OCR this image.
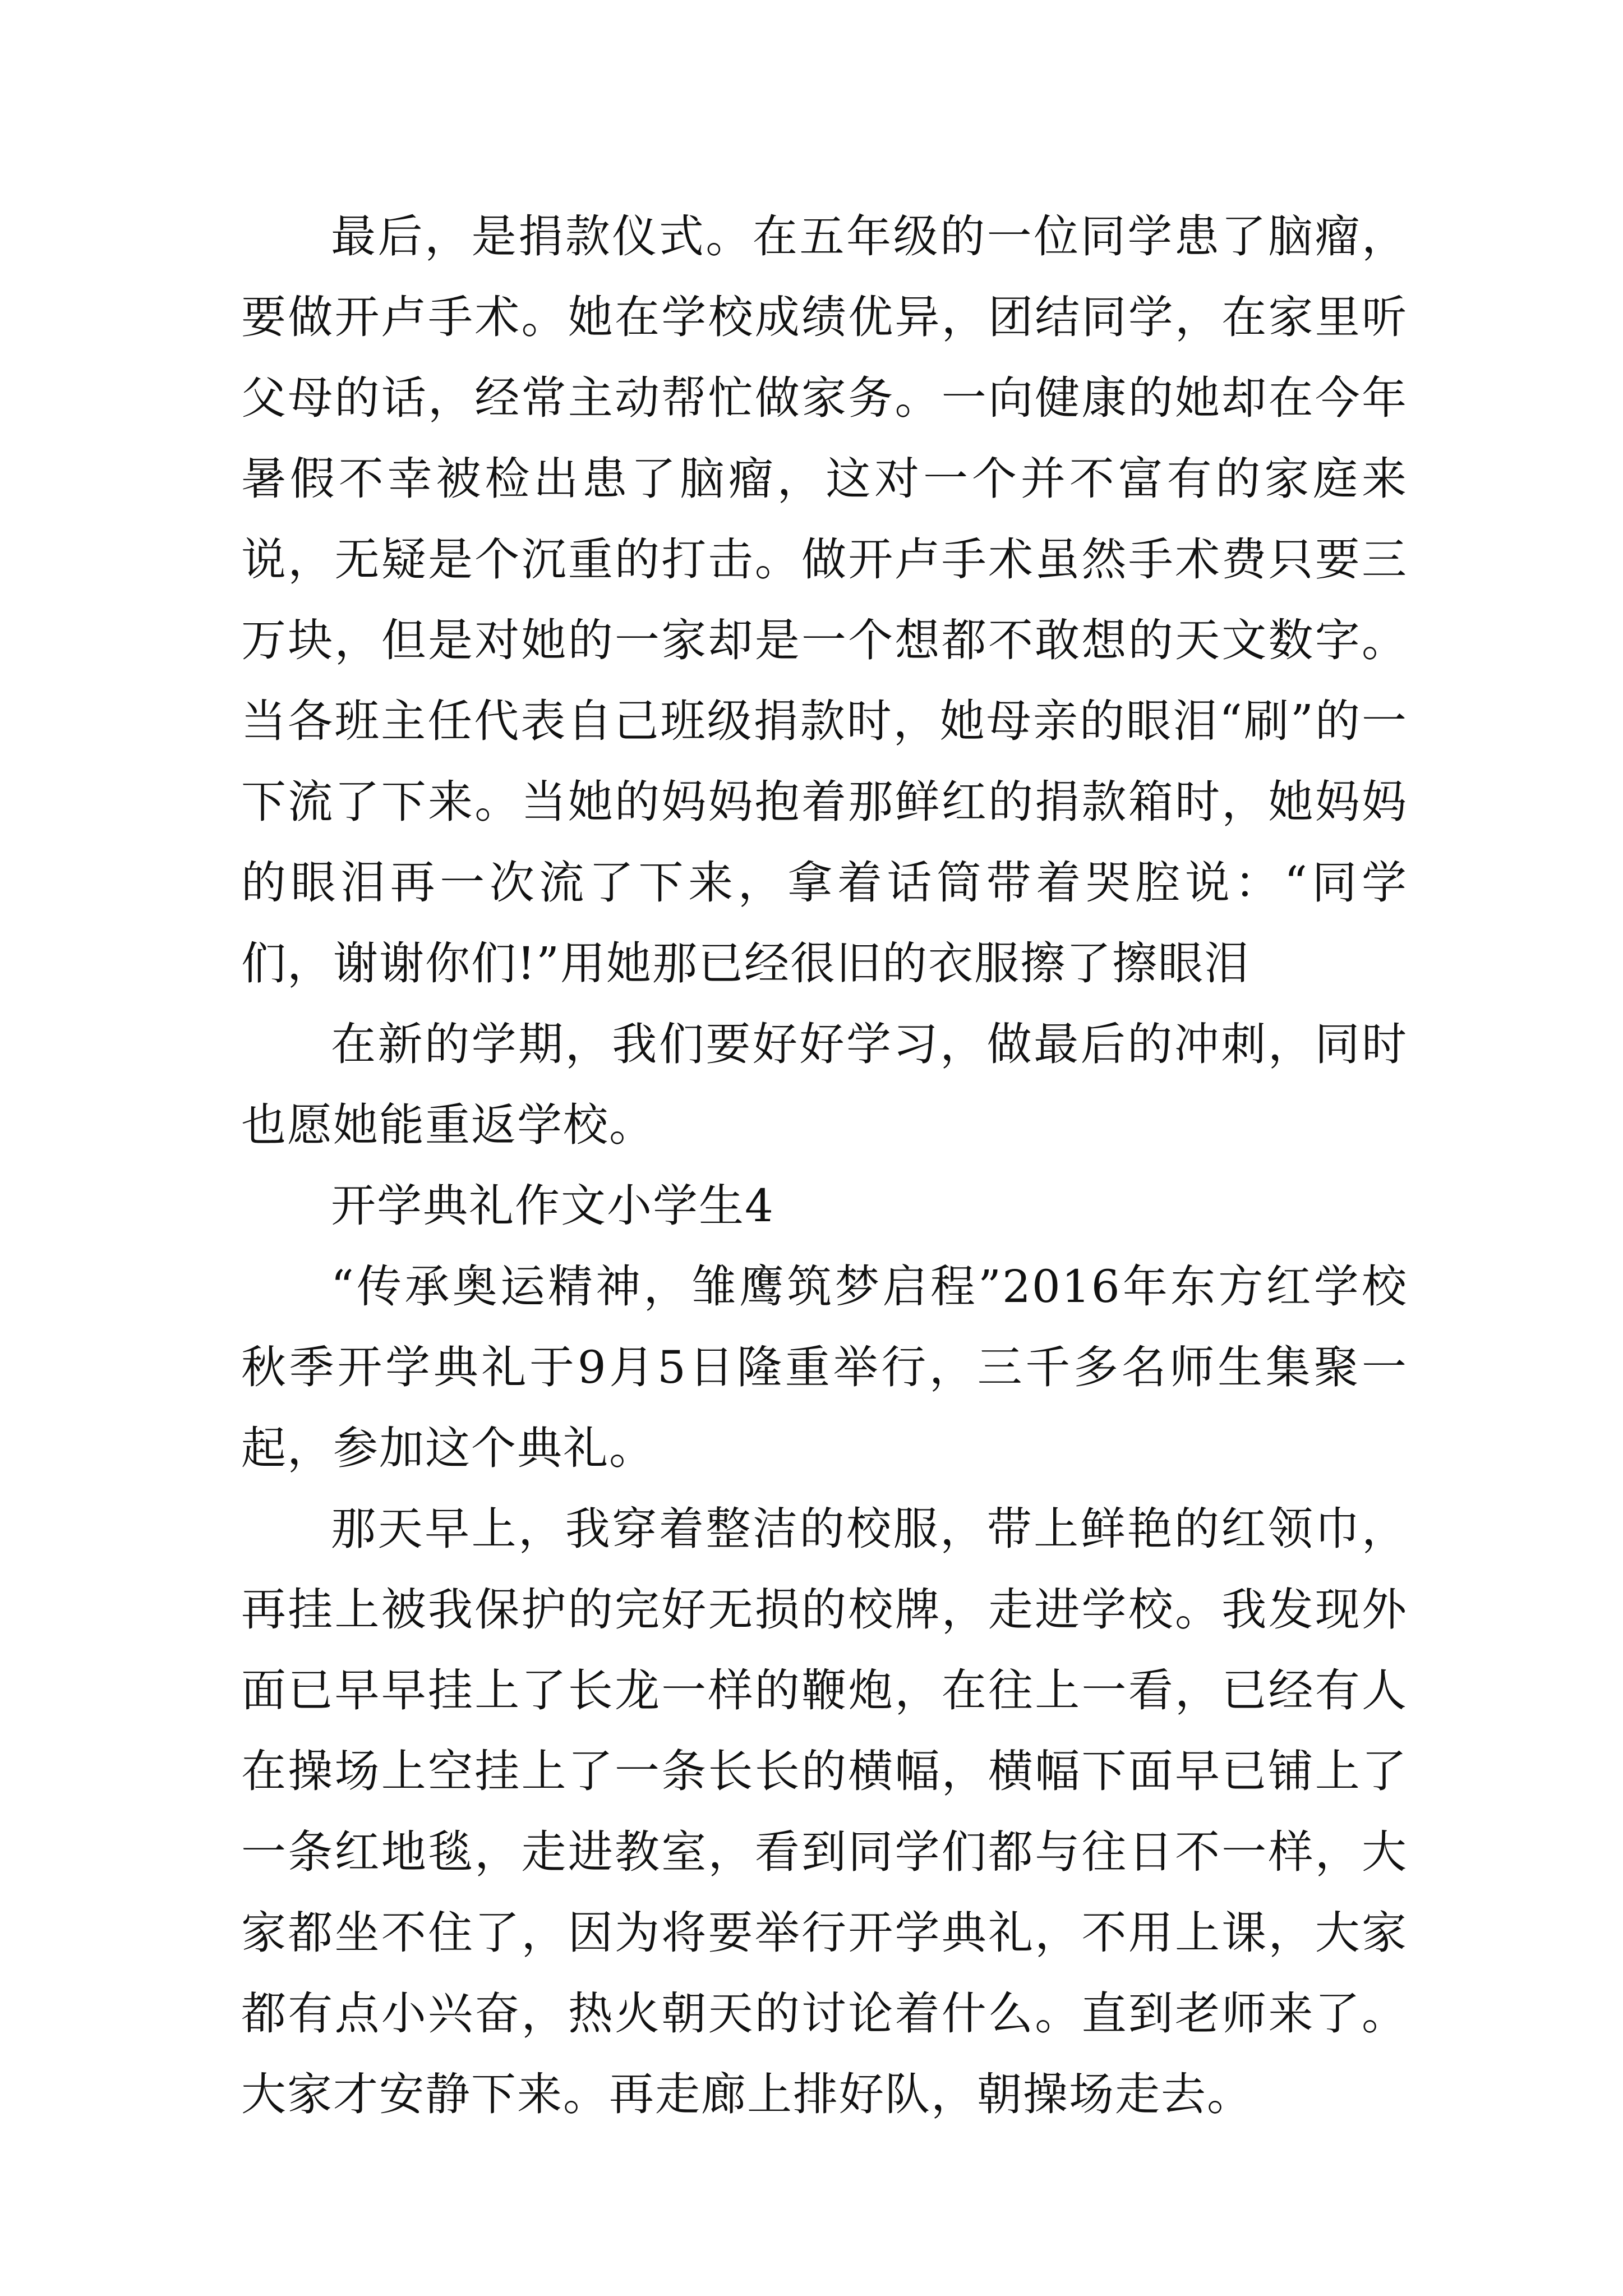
最后，是捐款仪式。在五年级的一位同学患了脑瘤，要做开卢手术。她在学校成绩优异，团结同学，在家里听父母的话，经常主动帮忙做家务。一向健康的她却在今年暑假不幸被检出患了脑瘤，这对一个并不富有的家庭来说，无疑是个沉重的打击。做开卢手术虽然手术费只要三万块，但是对她的一家却是一个想都不敢想的天文数字。当各班主任代表自己班级捐款时，她母亲的眼泪“刷”的一下流了下来。当她的妈妈抱着那鲜红的捐款箱时，她妈妈的眼泪再一次流了下来，拿着话筒带着哭腔说：“同学们，谢谢你们!”用她那已经很旧的衣服擦了擦眼泪

在新的学期，我们要好好学习，做最后的冲刺，同时也愿她能重返学校。

开学典礼作文小学生4

“传承奥运精神，雏鹰筑梦启程”2016年东方红学校秋季开学典礼于9月5日隆重举行，三千多名师生集聚一起，参加这个典礼。

那天早上，我穿着整洁的校服，带上鲜艳的红领巾，再挂上被我保护的完好无损的校牌，走进学校。我发现外面已早早挂上了长龙一样的鞭炮，在往上一看，已经有人在操场上空挂上了一条长长的横幅，横幅下面早已铺上了一条红地毯，走进教室，看到同学们都与往日不一样，大家都坐不住了，因为将要举行开学典礼，不用上课，大家都有点小兴奋，热火朝天的讨论着什么。直到老师来了。大家才安静下来。再走廊上排好队，朝操场走去。
